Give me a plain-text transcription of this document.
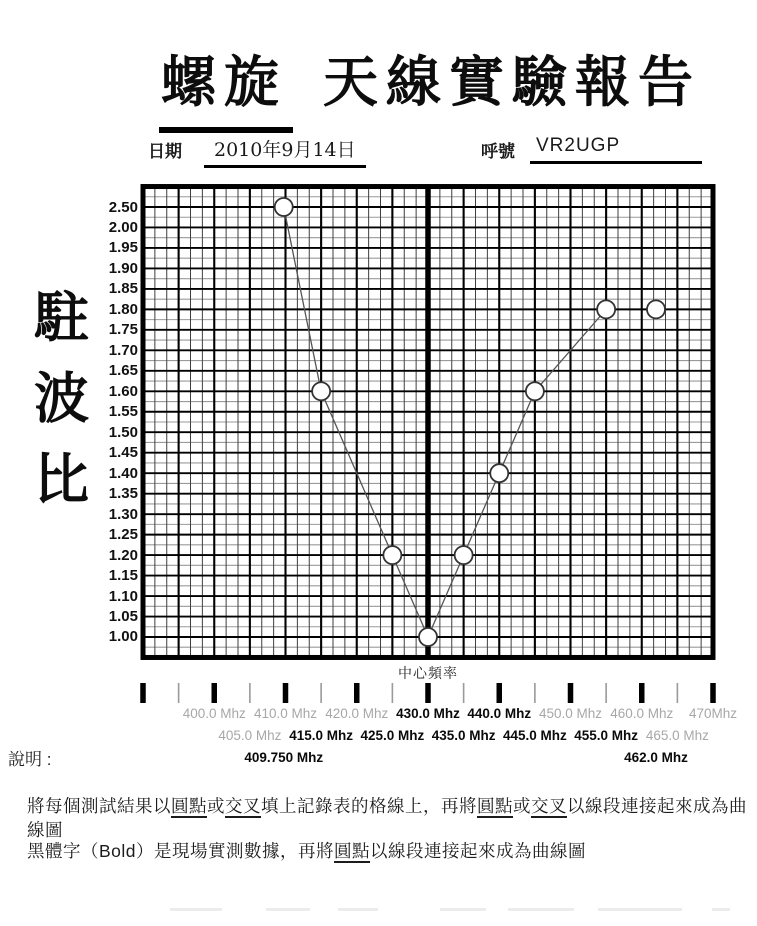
螺旋 天線實驗報告
日期	2010年9月14日	呼號	VR2UGP
駐波比
2.50
2.00
1.95
1.90
1.85
1.80
1.75
1.70
1.65
1.60
1.55
1.50
1.45
1.40
1.35
1.30
1.25
1.20
1.15
1.10
1.05
1.00
400.0 Mhz 410.0 Mhz 420.0 Mhz 430.0 Mhz 440.0 Mhz 450.0 Mhz 460.0 Mhz	470Mhz
405.0 Mhz 415.0 Mhz 425.0 Mhz 435.0 Mhz 445.0 Mhz 455.0 Mhz 465.0 Mhz
409.750 Mhz	462.0 Mhz
中心頻率
說明 :
將每個測試結果以圓點或交叉填上記錄表的格線上，再將圓點或交叉以線段連接起來成為曲線圖
黑體字（Bold）是現場實測數據，再將圓點以線段連接起來成為曲線圖
